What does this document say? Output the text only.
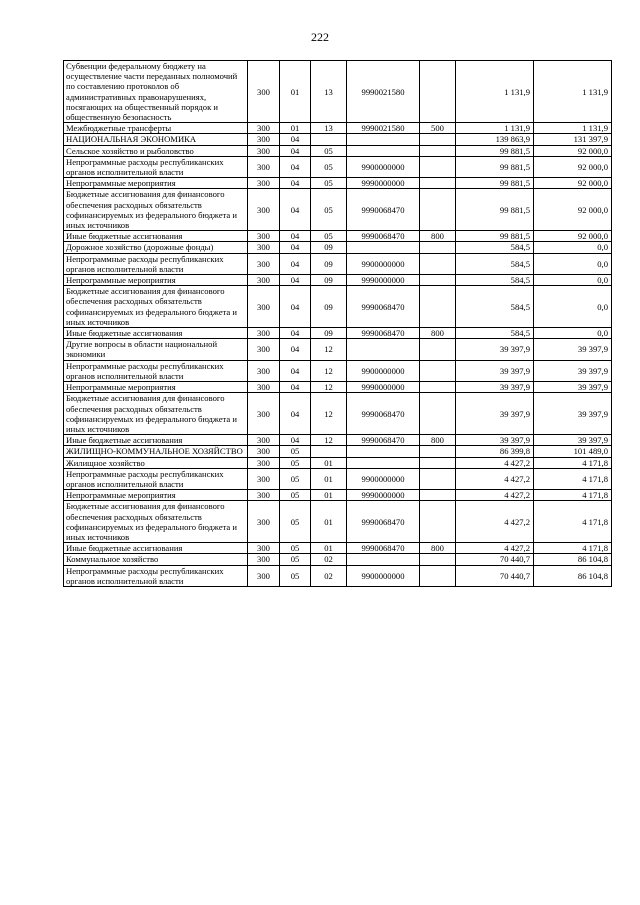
222
Субвенции федеральному бюджету на осуществление части переданных полномочий по составлению протоколов об административных правонарушениях, посягающих на общественный порядок и общественную безопасность	300	01	13	9990021580		1 131,9	1 131,9
Межбюджетные трансферты	300	01	13	9990021580	500	1 131,9	1 131,9
НАЦИОНАЛЬНАЯ ЭКОНОМИКА	300	04				139 863,9	131 397,9
Сельское хозяйство и рыболовство	300	04	05			99 881,5	92 000,0
Непрограммные расходы республиканских органов исполнительной власти	300	04	05	9900000000		99 881,5	92 000,0
Непрограммные мероприятия	300	04	05	9990000000		99 881,5	92 000,0
Бюджетные ассигнования для финансового обеспечения расходных обязательств софинансируемых из федерального бюджета и иных источников	300	04	05	9990068470		99 881,5	92 000,0
Иные бюджетные ассигнования	300	04	05	9990068470	800	99 881,5	92 000,0
Дорожное хозяйство (дорожные фонды)	300	04	09			584,5	0,0
Непрограммные расходы республиканских органов исполнительной власти	300	04	09	9900000000		584,5	0,0
Непрограммные мероприятия	300	04	09	9990000000		584,5	0,0
Бюджетные ассигнования для финансового обеспечения расходных обязательств софинансируемых из федерального бюджета и иных источников	300	04	09	9990068470		584,5	0,0
Иные бюджетные ассигнования	300	04	09	9990068470	800	584,5	0,0
Другие вопросы в области национальной экономики	300	04	12			39 397,9	39 397,9
Непрограммные расходы республиканских органов исполнительной власти	300	04	12	9900000000		39 397,9	39 397,9
Непрограммные мероприятия	300	04	12	9990000000		39 397,9	39 397,9
Бюджетные ассигнования для финансового обеспечения расходных обязательств софинансируемых из федерального бюджета и иных источников	300	04	12	9990068470		39 397,9	39 397,9
Иные бюджетные ассигнования	300	04	12	9990068470	800	39 397,9	39 397,9
ЖИЛИЩНО-КОММУНАЛЬНОЕ ХОЗЯЙСТВО	300	05				86 399,8	101 489,0
Жилищное хозяйство	300	05	01			4 427,2	4 171,8
Непрограммные расходы республиканских органов исполнительной власти	300	05	01	9900000000		4 427,2	4 171,8
Непрограммные мероприятия	300	05	01	9990000000		4 427,2	4 171,8
Бюджетные ассигнования для финансового обеспечения расходных обязательств софинансируемых из федерального бюджета и иных источников	300	05	01	9990068470		4 427,2	4 171,8
Иные бюджетные ассигнования	300	05	01	9990068470	800	4 427,2	4 171,8
Коммунальное хозяйство	300	05	02			70 440,7	86 104,8
Непрограммные расходы республиканских органов исполнительной власти	300	05	02	9900000000		70 440,7	86 104,8
